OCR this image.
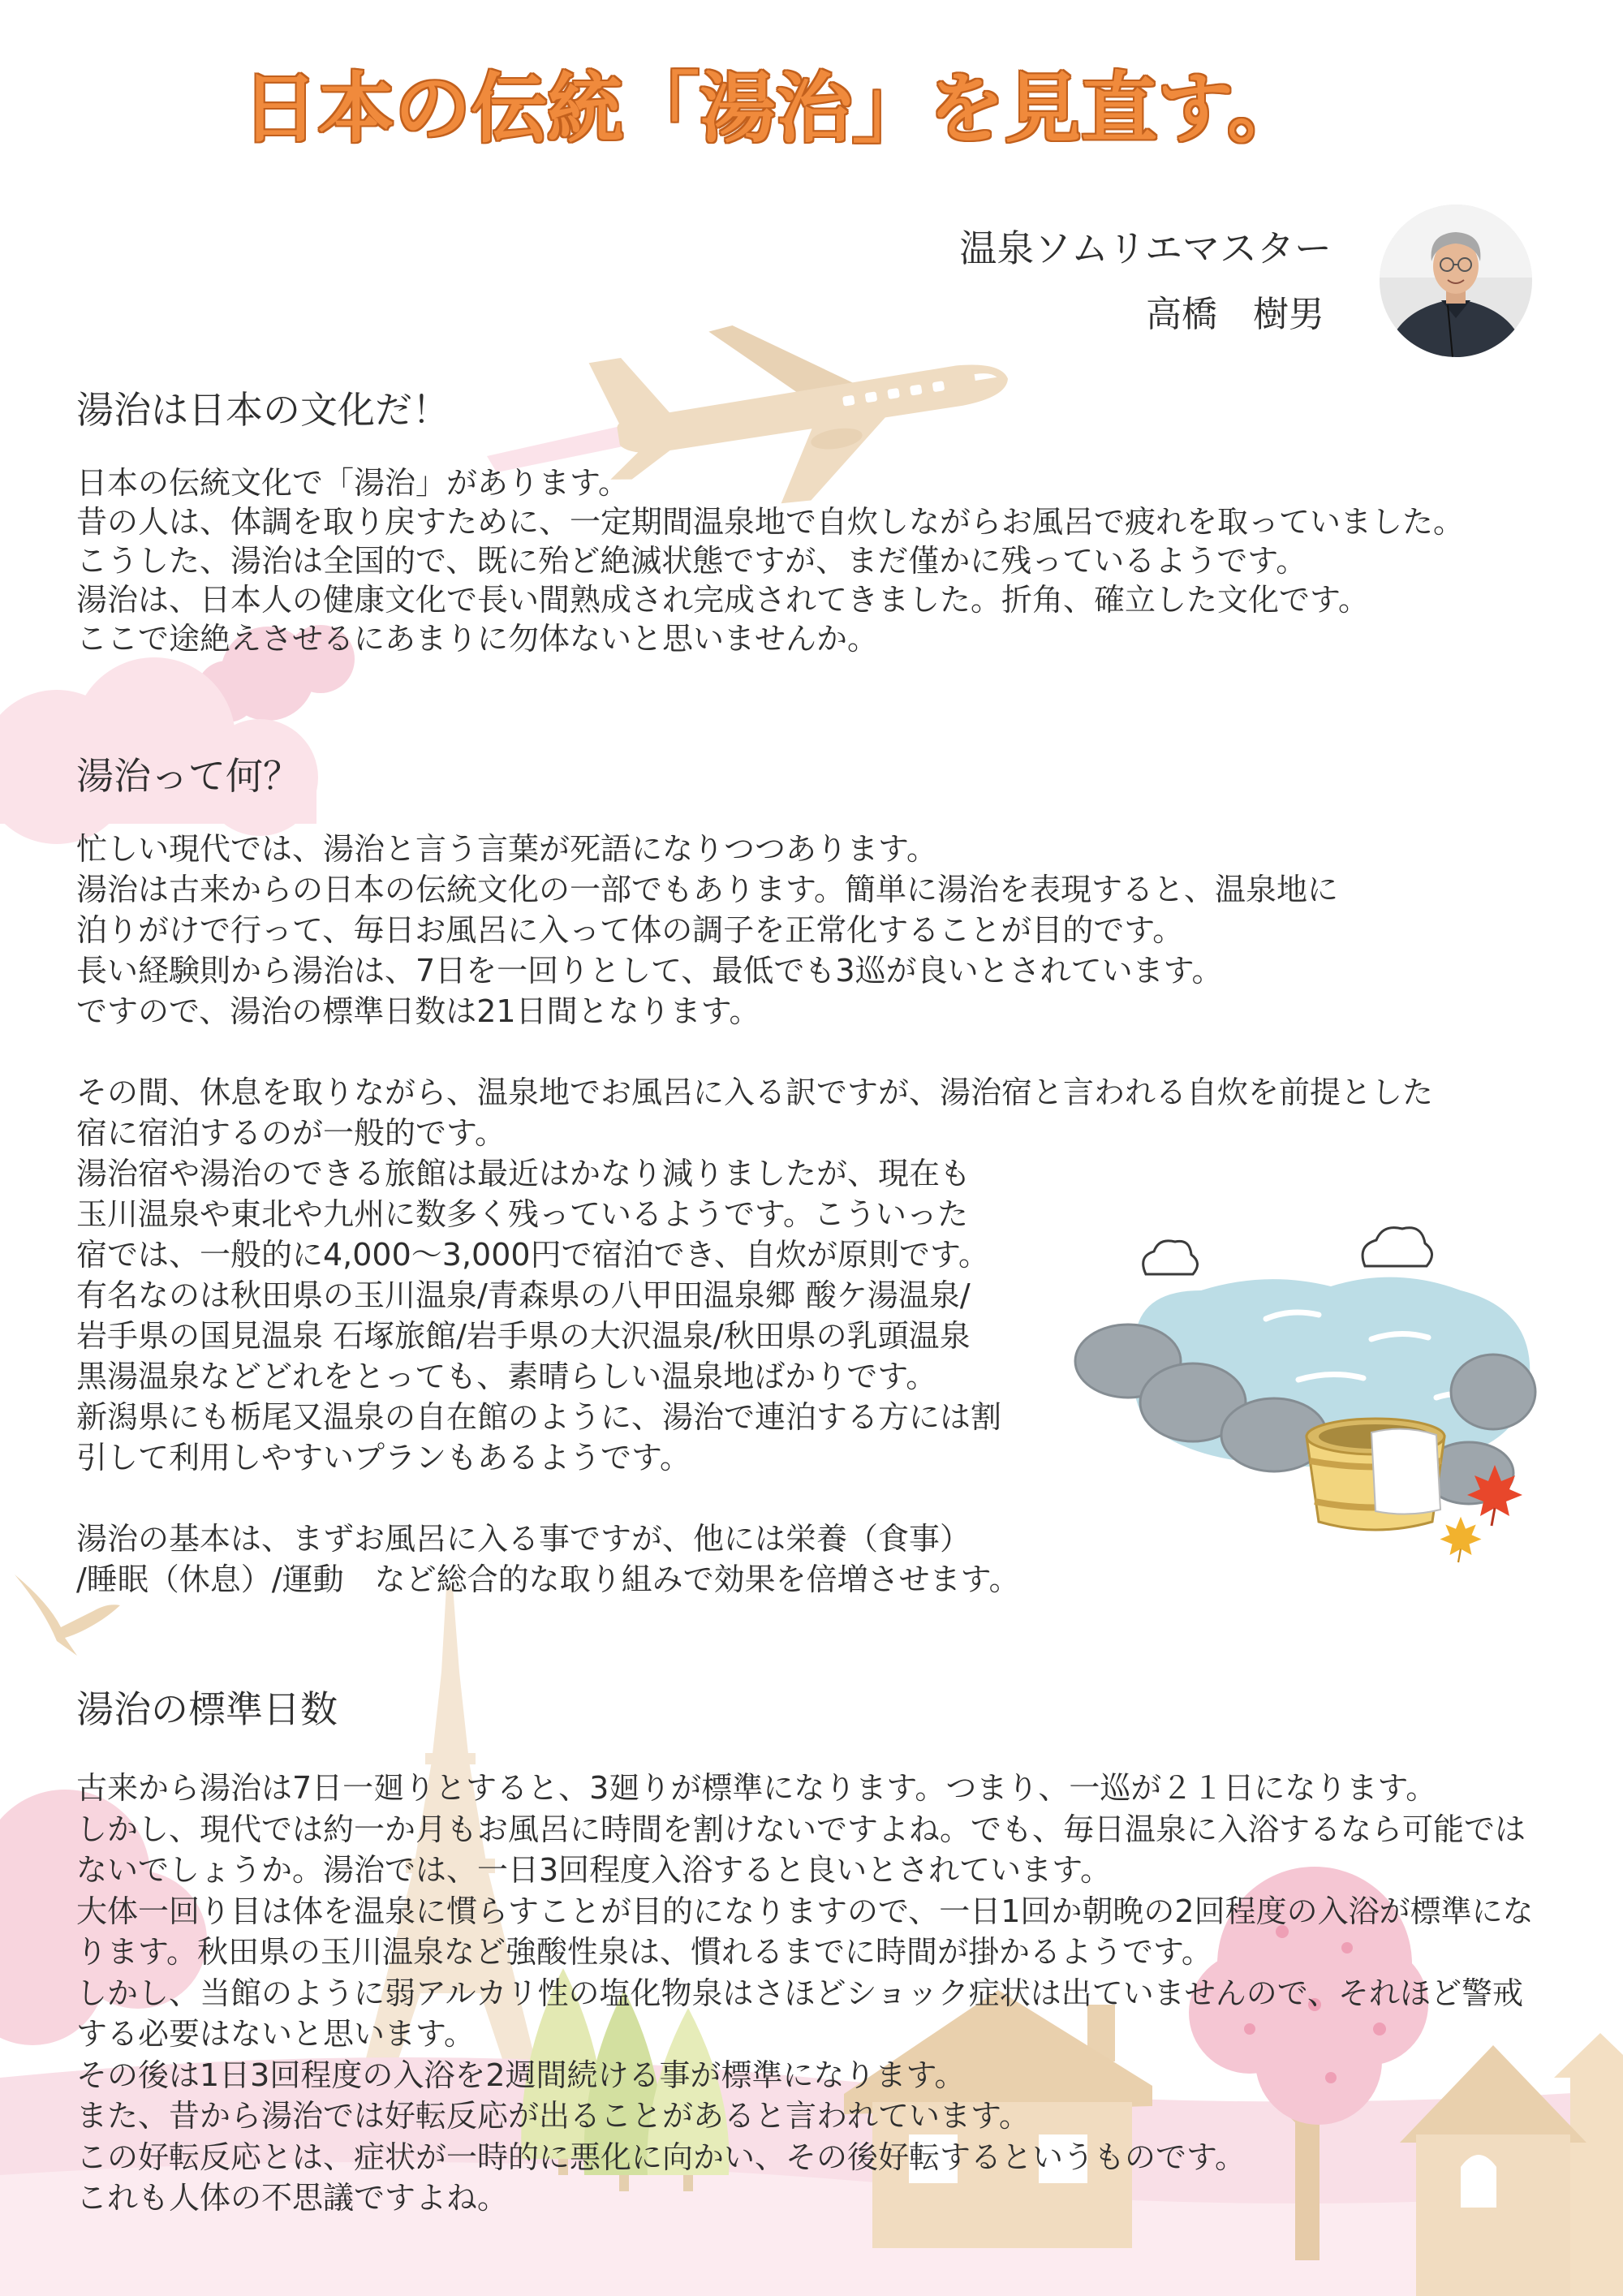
日本の伝統「湯治」を見直す。
温泉ソムリエマスター
高橋　樹男
湯治は日本の文化だ！
日本の伝統文化で「湯治」があります。
昔の人は、体調を取り戻すために、一定期間温泉地で自炊しながらお風呂で疲れを取っていました。
こうした、湯治は全国的で、既に殆ど絶滅状態ですが、まだ僅かに残っているようです。
湯治は、日本人の健康文化で長い間熟成され完成されてきました。折角、確立した文化です。
ここで途絶えさせるにあまりに勿体ないと思いませんか。
湯治って何？
忙しい現代では、湯治と言う言葉が死語になりつつあります。
湯治は古来からの日本の伝統文化の一部でもあります。簡単に湯治を表現すると、温泉地に
泊りがけで行って、毎日お風呂に入って体の調子を正常化することが目的です。
長い経験則から湯治は、7日を一回りとして、最低でも3巡が良いとされています。
ですので、湯治の標準日数は21日間となります。
その間、休息を取りながら、温泉地でお風呂に入る訳ですが、湯治宿と言われる自炊を前提とした
宿に宿泊するのが一般的です。
湯治宿や湯治のできる旅館は最近はかなり減りましたが、現在も
玉川温泉や東北や九州に数多く残っているようです。こういった
宿では、一般的に4,000～3,000円で宿泊でき、自炊が原則です。
有名なのは秋田県の玉川温泉/青森県の八甲田温泉郷 酸ケ湯温泉/
岩手県の国見温泉 石塚旅館/岩手県の大沢温泉/秋田県の乳頭温泉
黒湯温泉などどれをとっても、素晴らしい温泉地ばかりです。
新潟県にも栃尾又温泉の自在館のように、湯治で連泊する方には割
引して利用しやすいプランもあるようです。
湯治の基本は、まずお風呂に入る事ですが、他には栄養（食事）
/睡眠（休息）/運動　など総合的な取り組みで効果を倍増させます。
湯治の標準日数
古来から湯治は7日一廻りとすると、3廻りが標準になります。つまり、一巡が２１日になります。
しかし、現代では約一か月もお風呂に時間を割けないですよね。でも、毎日温泉に入浴するなら可能では
ないでしょうか。湯治では、一日3回程度入浴すると良いとされています。
大体一回り目は体を温泉に慣らすことが目的になりますので、一日1回か朝晩の2回程度の入浴が標準にな
ります。秋田県の玉川温泉など強酸性泉は、慣れるまでに時間が掛かるようです。
しかし、当館のように弱アルカリ性の塩化物泉はさほどショック症状は出ていませんので、それほど警戒
する必要はないと思います。
その後は1日3回程度の入浴を2週間続ける事が標準になります。
また、昔から湯治では好転反応が出ることがあると言われています。
この好転反応とは、症状が一時的に悪化に向かい、その後好転するというものです。
これも人体の不思議ですよね。
